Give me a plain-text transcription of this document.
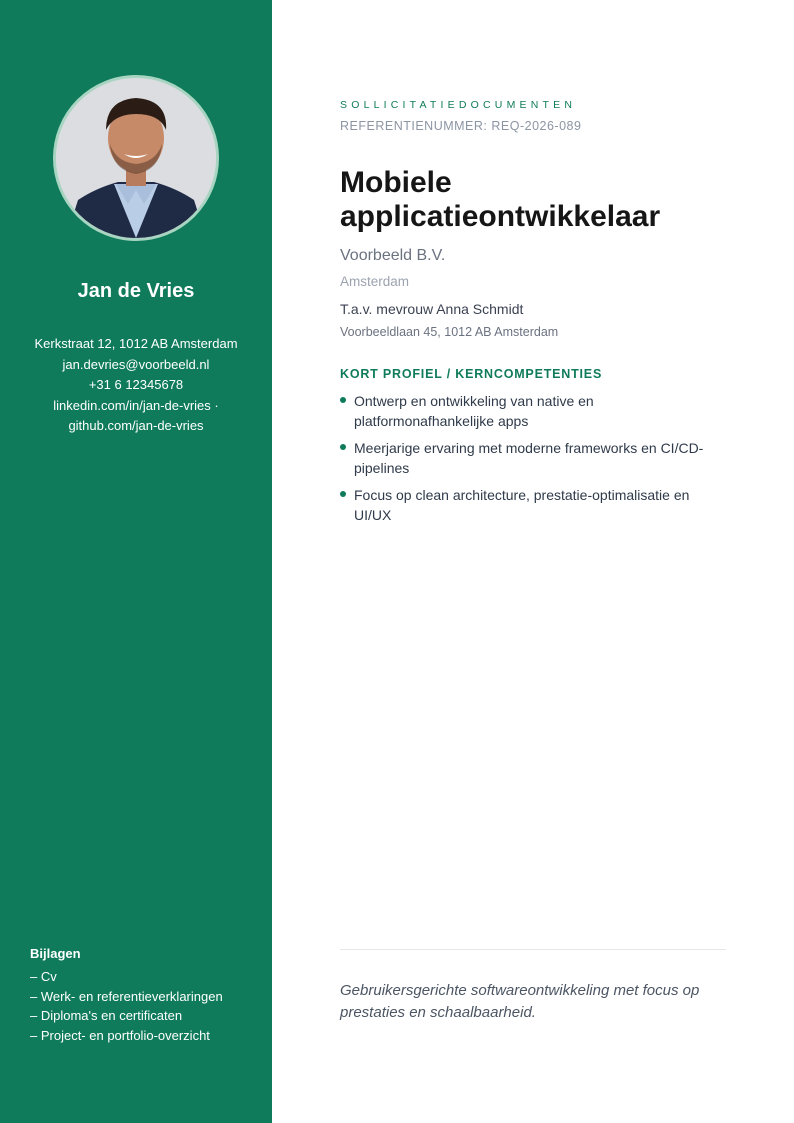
Jan de Vries
Kerkstraat 12, 1012 AB Amsterdam
jan.devries@voorbeeld.nl
+31 6 12345678
linkedin.com/in/jan-de-vries ·
github.com/jan-de-vries
Bijlagen
– Cv
– Werk- en referentieverklaringen
– Diploma's en certificaten
– Project- en portfolio-overzicht
SOLLICITATIEDOCUMENTEN
REFERENTIENUMMER: REQ-2026-089
Mobiele applicatieontwikkelaar
Voorbeeld B.V.
Amsterdam
T.a.v. mevrouw Anna Schmidt
Voorbeeldlaan 45, 1012 AB Amsterdam
KORT PROFIEL / KERNCOMPETENTIES
Ontwerp en ontwikkeling van native en platformonafhankelijke apps
Meerjarige ervaring met moderne frameworks en CI/CD-pipelines
Focus op clean architecture, prestatie-optimalisatie en UI/UX

Gebruikersgerichte softwareontwikkeling met focus op prestaties en schaalbaarheid.
